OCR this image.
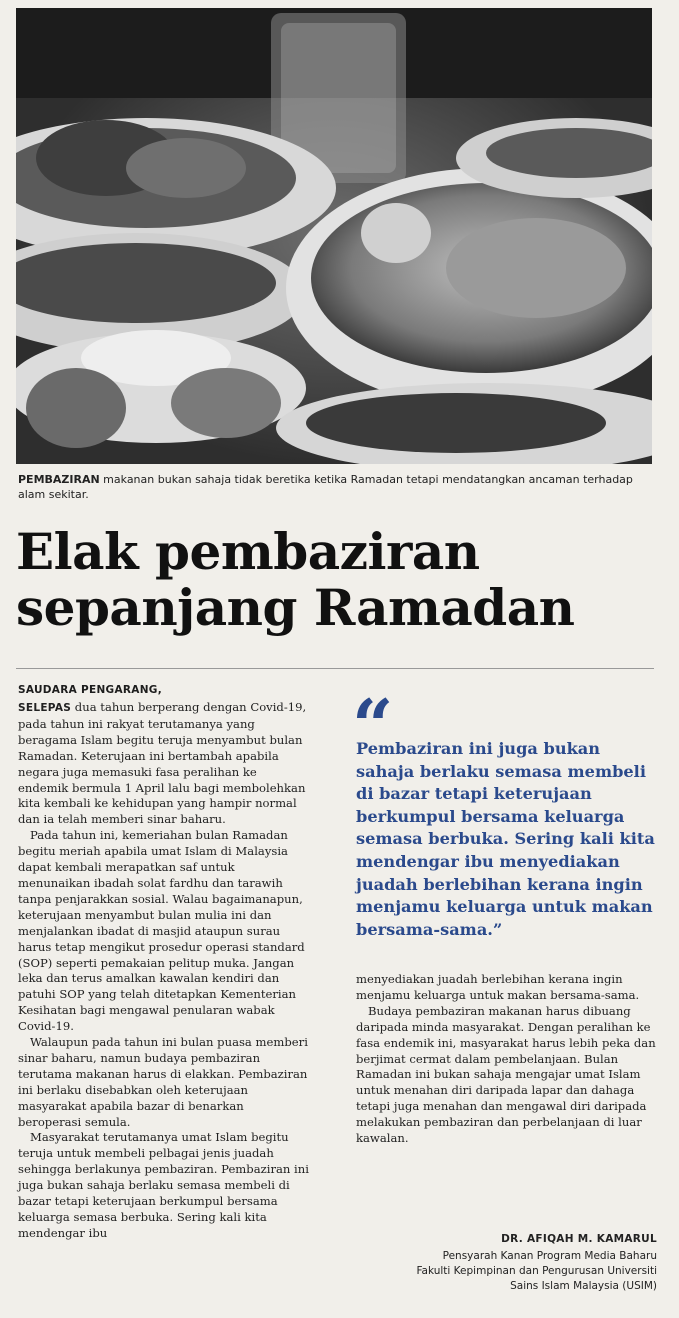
PEMBAZIRAN makanan bukan sahaja tidak beretika ketika Ramadan tetapi mendatangkan ancaman terhadap alam sekitar.
Elak pembaziran
sepanjang Ramadan
SAUDARA PENGARANG,

SELEPAS dua tahun berperang dengan Covid-19, pada tahun ini rakyat terutamanya yang beragama Islam begitu teruja menyambut bulan Ramadan. Keterujaan ini bertambah apabila negara juga memasuki fasa peralihan ke endemik bermula 1 April lalu bagi membolehkan kita kembali ke kehidupan yang hampir normal dan ia telah memberi sinar baharu.

Pada tahun ini, kemeriahan bulan Ramadan begitu meriah apabila umat Islam di Malaysia dapat kembali merapatkan saf untuk menunaikan ibadah solat fardhu dan tarawih tanpa penjarakkan sosial. Walau bagaimanapun, keterujaan menyambut bulan mulia ini dan menjalankan ibadat di masjid ataupun surau harus tetap mengikut prosedur operasi standard (SOP) seperti pemakaian pelitup muka. Jangan leka dan terus amalkan kawalan kendiri dan patuhi SOP yang telah ditetapkan Kementerian Kesihatan bagi mengawal penularan wabak Covid-19.

Walaupun pada tahun ini bulan puasa memberi sinar baharu, namun budaya pembaziran terutama makanan harus di elakkan. Pembaziran ini berlaku disebabkan oleh keterujaan masyarakat apabila bazar di benarkan beroperasi semula.

Masyarakat terutamanya umat Islam begitu teruja untuk membeli pelbagai jenis juadah sehingga berlakunya pembaziran. Pembaziran ini juga bukan sahaja berlaku semasa membeli di bazar tetapi keterujaan berkumpul bersama keluarga semasa berbuka. Sering kali kita mendengar ibu

“
Pembaziran ini juga bukan sahaja berlaku semasa membeli di bazar tetapi keterujaan berkumpul bersama keluarga semasa berbuka. Sering kali kita mendengar ibu menyediakan juadah berlebihan kerana ingin menjamu keluarga untuk makan bersama-sama.”

menyediakan juadah berlebihan kerana ingin menjamu keluarga untuk makan bersama-sama.

Budaya pembaziran makanan harus dibuang daripada minda masyarakat. Dengan peralihan ke fasa endemik ini, masyarakat harus lebih peka dan berjimat cermat dalam pembelanjaan. Bulan Ramadan ini bukan sahaja mengajar umat Islam untuk menahan diri daripada lapar dan dahaga tetapi juga menahan dan mengawal diri daripada melakukan pembaziran dan perbelanjaan di luar kawalan.

DR. AFIQAH M. KAMARUL
Pensyarah Kanan Program Media Baharu
Fakulti Kepimpinan dan Pengurusan Universiti
Sains Islam Malaysia (USIM)
